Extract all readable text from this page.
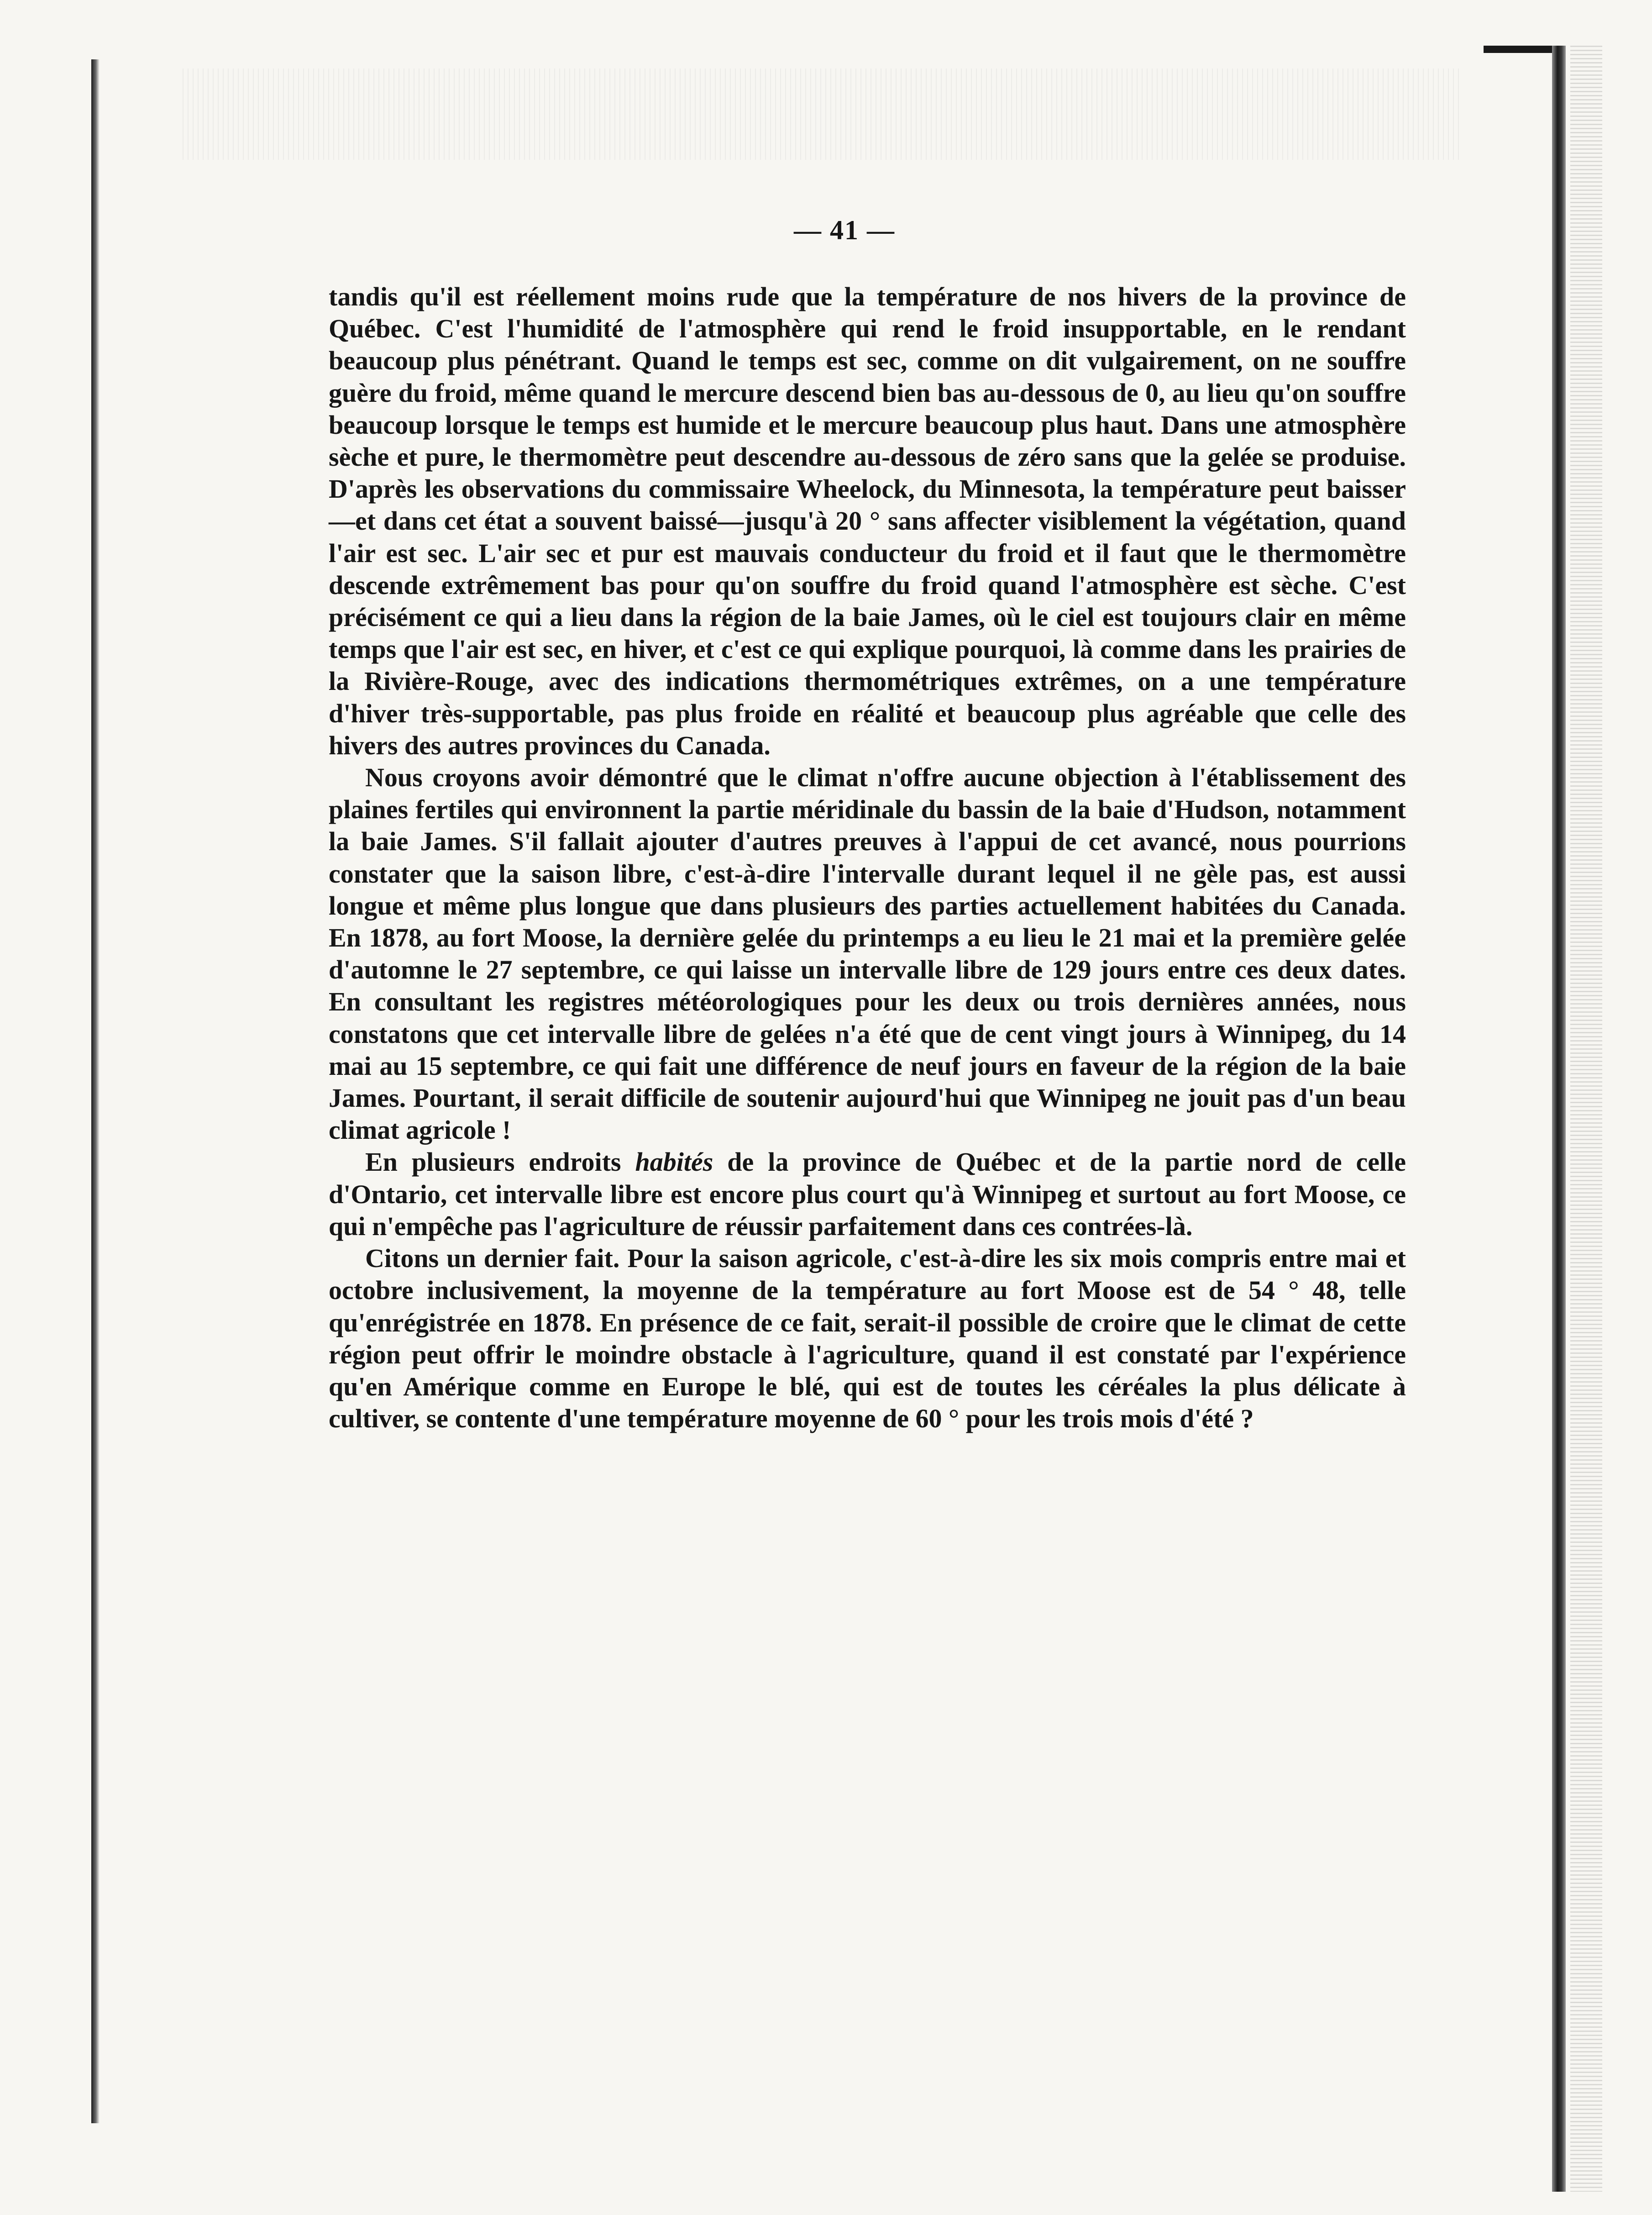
— 41 —

tandis qu'il est réellement moins rude que la température de nos hivers de la province de Québec. C'est l'humidité de l'atmosphère qui rend le froid insupportable, en le rendant beaucoup plus pénétrant. Quand le temps est sec, comme on dit vulgairement, on ne souffre guère du froid, même quand le mercure descend bien bas au-dessous de 0, au lieu qu'on souffre beaucoup lorsque le temps est humide et le mercure beaucoup plus haut. Dans une atmosphère sèche et pure, le thermomètre peut descendre au-dessous de zéro sans que la gelée se produise. D'après les observations du commissaire Wheelock, du Minnesota, la température peut baisser—et dans cet état a souvent baissé—jusqu'à 20 ° sans affecter visiblement la végétation, quand l'air est sec. L'air sec et pur est mauvais conducteur du froid et il faut que le thermomètre descende extrêmement bas pour qu'on souffre du froid quand l'atmosphère est sèche. C'est précisément ce qui a lieu dans la région de la baie James, où le ciel est toujours clair en même temps que l'air est sec, en hiver, et c'est ce qui explique pourquoi, là comme dans les prairies de la Rivière-Rouge, avec des indications thermométriques extrêmes, on a une température d'hiver très-supportable, pas plus froide en réalité et beaucoup plus agréable que celle des hivers des autres provinces du Canada.

Nous croyons avoir démontré que le climat n'offre aucune objection à l'établissement des plaines fertiles qui environnent la partie méridinale du bassin de la baie d'Hudson, notamment la baie James. S'il fallait ajouter d'autres preuves à l'appui de cet avancé, nous pourrions constater que la saison libre, c'est-à-dire l'intervalle durant lequel il ne gèle pas, est aussi longue et même plus longue que dans plusieurs des parties actuellement habitées du Canada. En 1878, au fort Moose, la dernière gelée du printemps a eu lieu le 21 mai et la première gelée d'automne le 27 septembre, ce qui laisse un intervalle libre de 129 jours entre ces deux dates. En consultant les registres météorologiques pour les deux ou trois dernières années, nous constatons que cet intervalle libre de gelées n'a été que de cent vingt jours à Winnipeg, du 14 mai au 15 septembre, ce qui fait une différence de neuf jours en faveur de la région de la baie James. Pourtant, il serait difficile de soutenir aujourd'hui que Winnipeg ne jouit pas d'un beau climat agricole !

En plusieurs endroits habités de la province de Québec et de la partie nord de celle d'Ontario, cet intervalle libre est encore plus court qu'à Winnipeg et surtout au fort Moose, ce qui n'empêche pas l'agriculture de réussir parfaitement dans ces contrées-là.

Citons un dernier fait. Pour la saison agricole, c'est-à-dire les six mois compris entre mai et octobre inclusivement, la moyenne de la température au fort Moose est de 54 ° 48, telle qu'enrégistrée en 1878. En présence de ce fait, serait-il possible de croire que le climat de cette région peut offrir le moindre obstacle à l'agriculture, quand il est constaté par l'expérience qu'en Amérique comme en Europe le blé, qui est de toutes les céréales la plus délicate à cultiver, se contente d'une température moyenne de 60 ° pour les trois mois d'été ?
